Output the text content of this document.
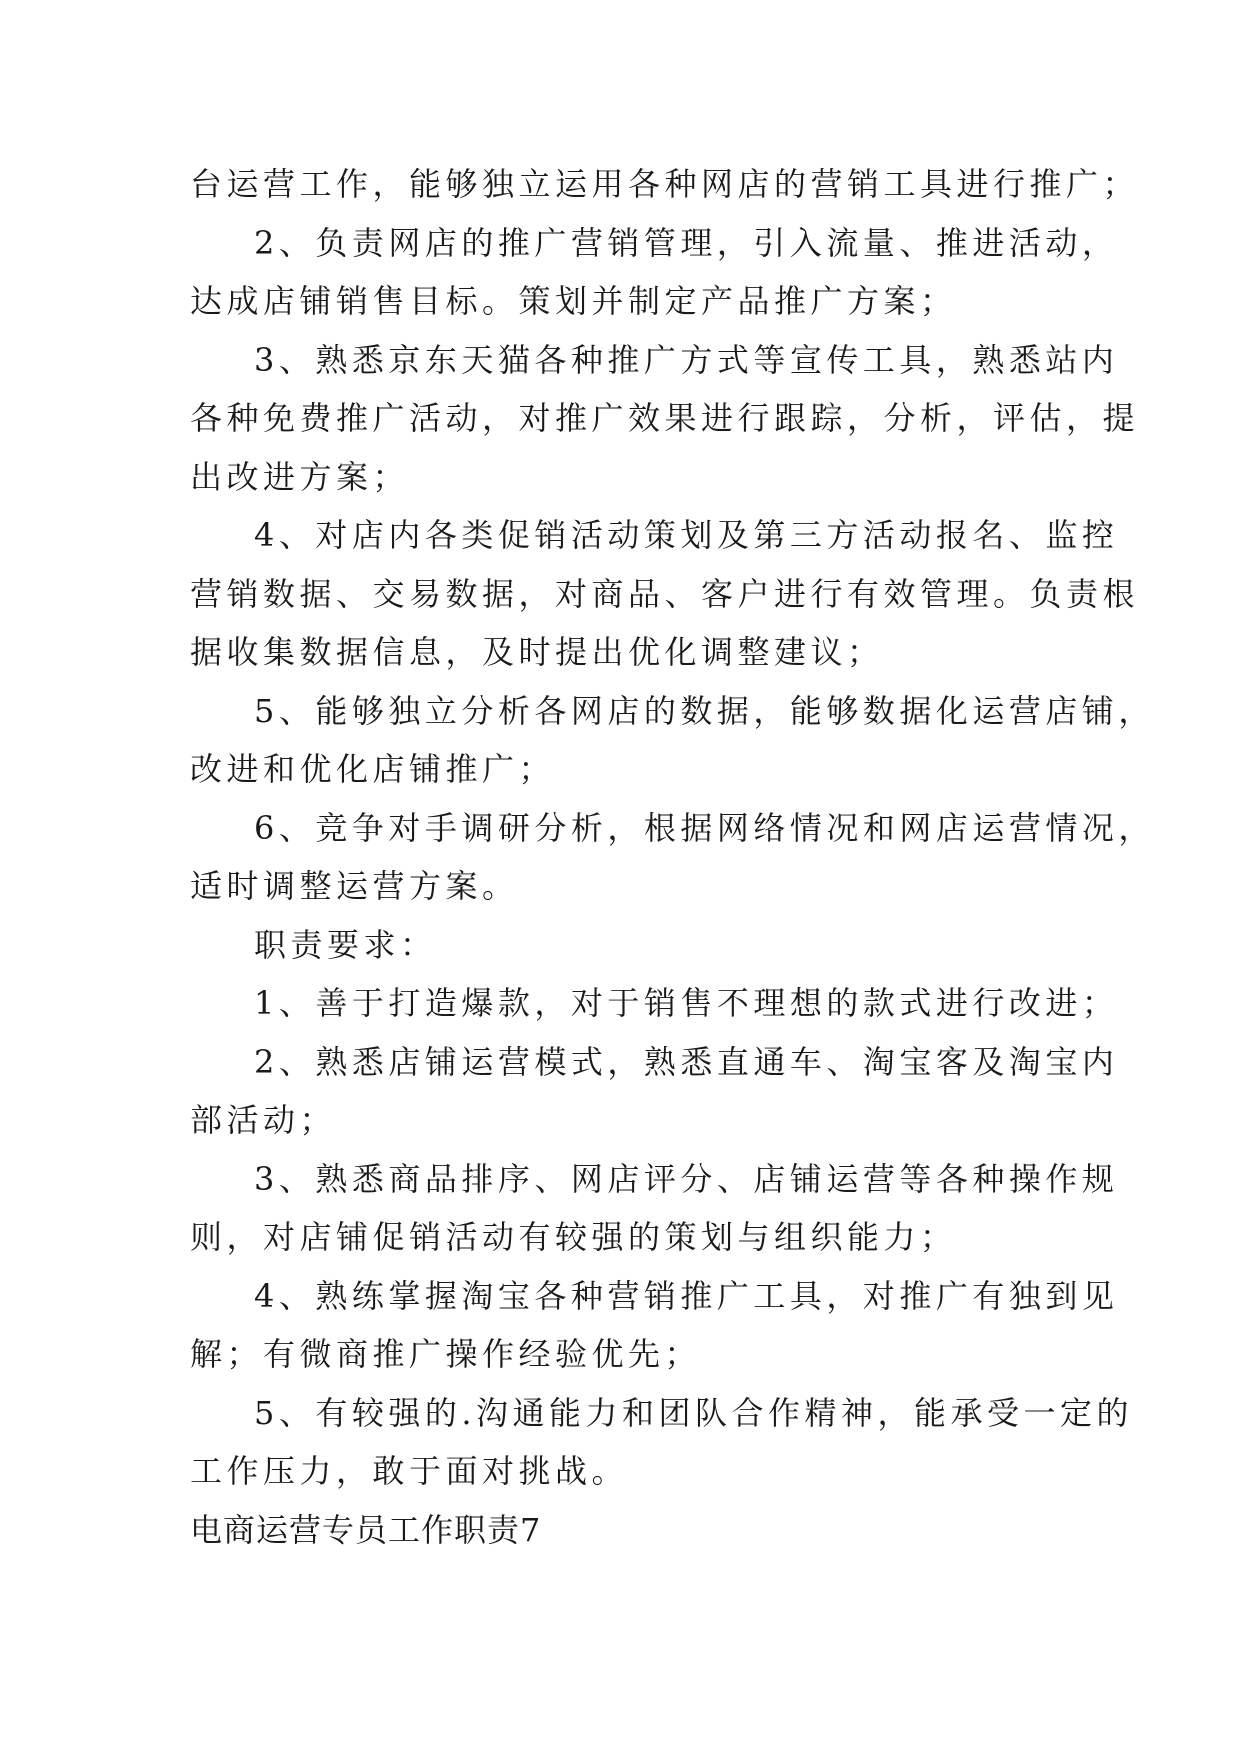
台运营工作，能够独立运用各种网店的营销工具进行推广；

2、负责网店的推广营销管理，引入流量、推进活动，

达成店铺销售目标。策划并制定产品推广方案；

3、熟悉京东天猫各种推广方式等宣传工具，熟悉站内

各种免费推广活动，对推广效果进行跟踪，分析，评估，提

出改进方案；

4、对店内各类促销活动策划及第三方活动报名、监控

营销数据、交易数据，对商品、客户进行有效管理。负责根

据收集数据信息，及时提出优化调整建议；

5、能够独立分析各网店的数据，能够数据化运营店铺，

改进和优化店铺推广；

6、竞争对手调研分析，根据网络情况和网店运营情况，

适时调整运营方案。

职责要求：

1、善于打造爆款，对于销售不理想的款式进行改进；

2、熟悉店铺运营模式，熟悉直通车、淘宝客及淘宝内

部活动；

3、熟悉商品排序、网店评分、店铺运营等各种操作规

则，对店铺促销活动有较强的策划与组织能力；

4、熟练掌握淘宝各种营销推广工具，对推广有独到见

解；有微商推广操作经验优先；

5、有较强的.沟通能力和团队合作精神，能承受一定的

工作压力，敢于面对挑战。

电商运营专员工作职责7
